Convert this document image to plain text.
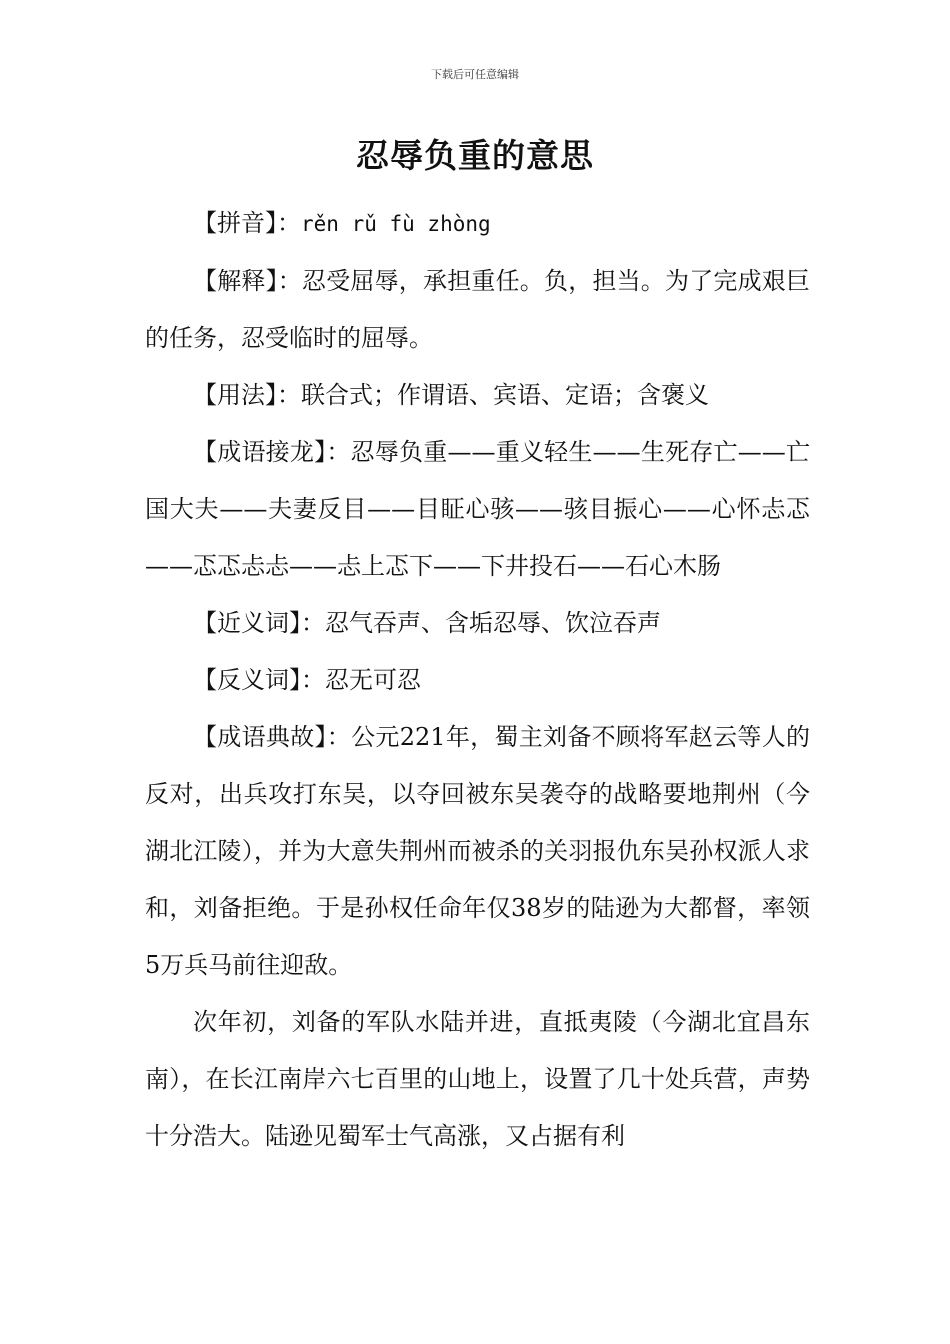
下载后可任意编辑
忍辱负重的意思

【拼音】：rěn rǔ fù zhòng

【解释】：忍受屈辱，承担重任。负，担当。为了完成艰巨的任务，忍受临时的屈辱。

【用法】：联合式；作谓语、宾语、定语；含褒义

【成语接龙】：忍辱负重——重义轻生——生死存亡——亡国大夫——夫妻反目——目眐心骇——骇目振心——心怀忐忑——忑忑忐忐——忐上忑下——下井投石——石心木肠

【近义词】：忍气吞声、含垢忍辱、饮泣吞声

【反义词】：忍无可忍

【成语典故】：公元221年，蜀主刘备不顾将军赵云等人的反对，出兵攻打东吴，以夺回被东吴袭夺的战略要地荆州（今湖北江陵），并为大意失荆州而被杀的关羽报仇东吴孙权派人求和，刘备拒绝。于是孙权任命年仅38岁的陆逊为大都督，率领5万兵马前往迎敌。

次年初，刘备的军队水陆并进，直抵夷陵（今湖北宜昌东南），在长江南岸六七百里的山地上，设置了几十处兵营，声势十分浩大。陆逊见蜀军士气高涨，又占据有利
